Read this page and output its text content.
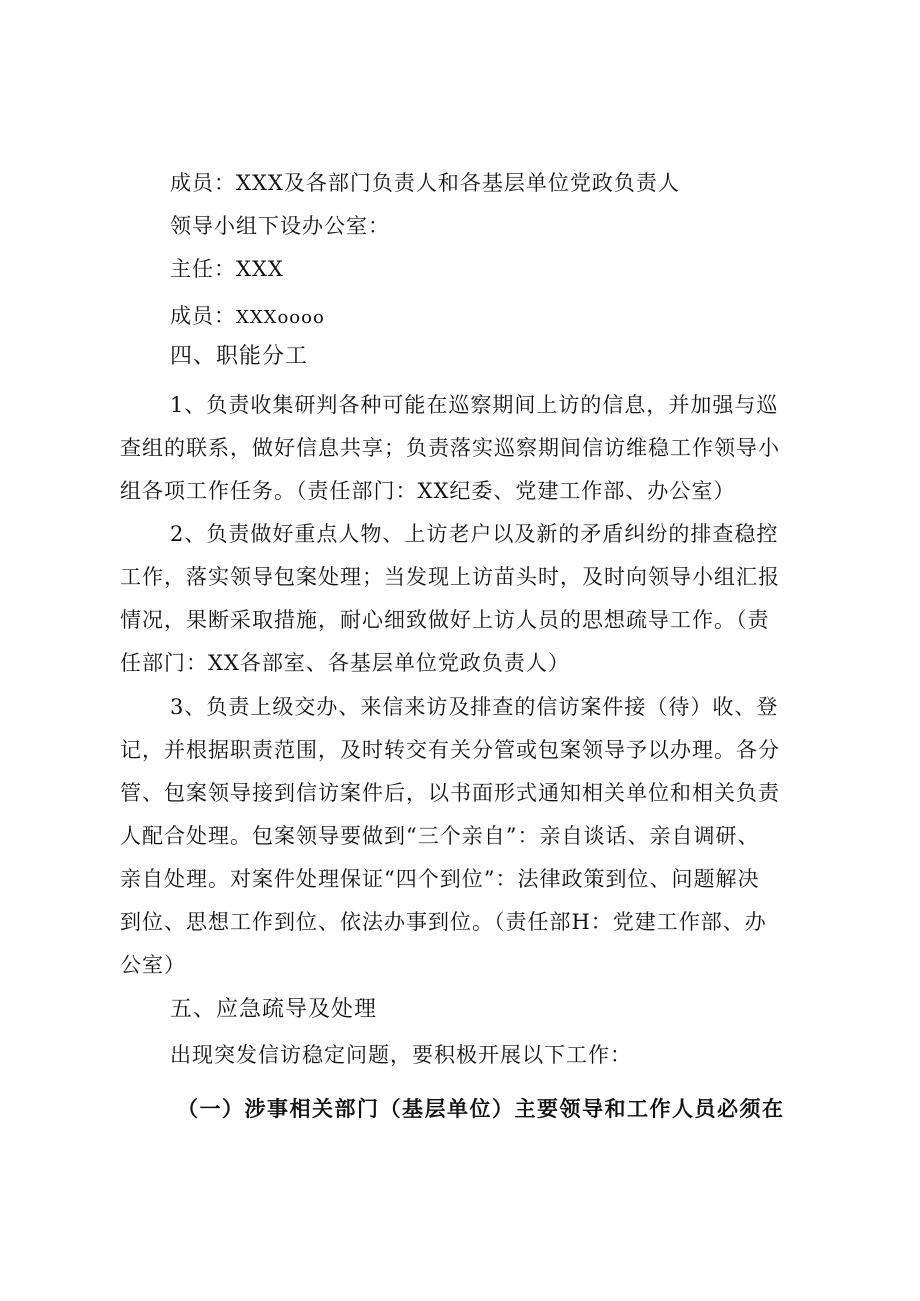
成员：XXX及各部门负责人和各基层单位党政负责人
领导小组下设办公室：
主任：XXX
成员：XXXoooo
四、职能分工
1、负责收集研判各种可能在巡察期间上访的信息，并加强与巡
查组的联系，做好信息共享；负责落实巡察期间信访维稳工作领导小
组各项工作任务。（责任部门：XX纪委、党建工作部、办公室）
2、负责做好重点人物、上访老户以及新的矛盾纠纷的排查稳控
工作，落实领导包案处理；当发现上访苗头时，及时向领导小组汇报
情况，果断采取措施，耐心细致做好上访人员的思想疏导工作。（责
任部门：XX各部室、各基层单位党政负责人）
3、负责上级交办、来信来访及排查的信访案件接（待）收、登
记，并根据职责范围，及时转交有关分管或包案领导予以办理。各分
管、包案领导接到信访案件后，以书面形式通知相关单位和相关负责
人配合处理。包案领导要做到“三个亲自”：亲自谈话、亲自调研、
亲自处理。对案件处理保证“四个到位”：法律政策到位、问题解决
到位、思想工作到位、依法办事到位。（责任部H：党建工作部、办
公室）
五、应急疏导及处理
出现突发信访稳定问题，要积极开展以下工作：
（一）涉事相关部门（基层单位）主要领导和工作人员必须在
